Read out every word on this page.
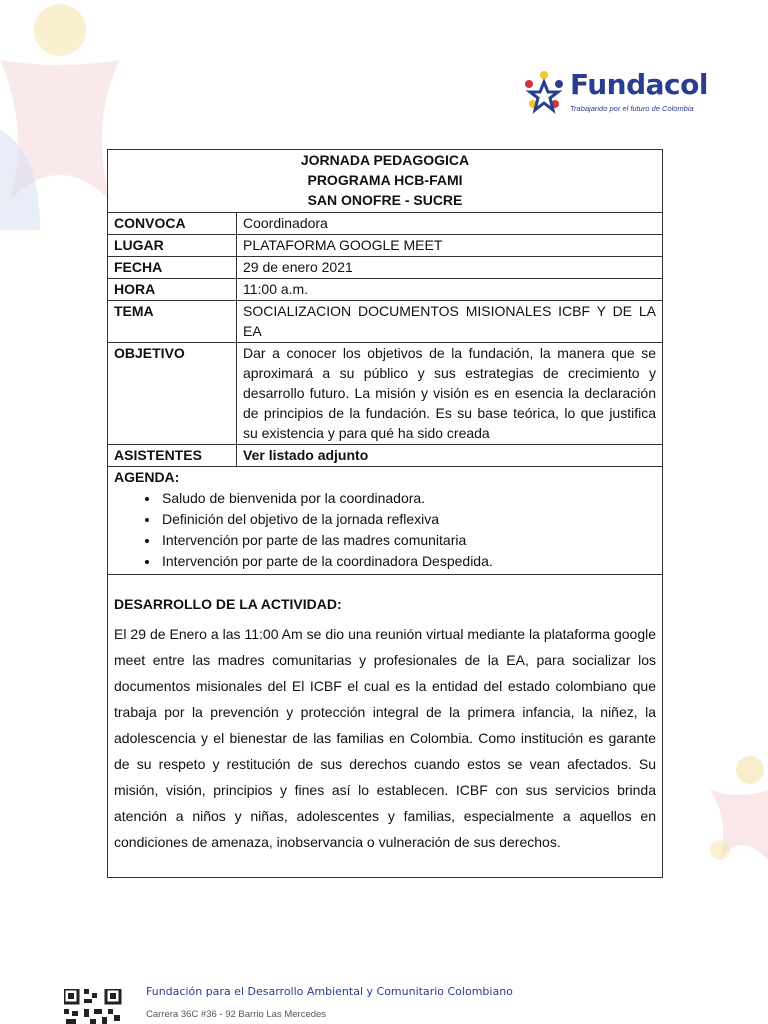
Fundacol
Trabajando por el futuro de Colombia
JORNADA PEDAGOGICA
PROGRAMA HCB-FAMI
SAN ONOFRE - SUCRE
CONVOCA	Coordinadora
LUGAR	PLATAFORMA GOOGLE MEET
FECHA	29 de enero 2021
HORA	11:00 a.m.
TEMA	SOCIALIZACION DOCUMENTOS MISIONALES ICBF Y DE LA EA
OBJETIVO	Dar a conocer los objetivos de la fundación, la manera que se aproximará a su público y sus estrategias de crecimiento y desarrollo futuro. La misión y visión es en esencia la declaración de principios de la fundación. Es su base teórica, lo que justifica su existencia y para qué ha sido creada
ASISTENTES	Ver listado adjunto
AGENDA:
• Saludo de bienvenida por la coordinadora.
• Definición del objetivo de la jornada reflexiva
• Intervención por parte de las madres comunitaria
• Intervención por parte de la coordinadora Despedida.
DESARROLLO DE LA ACTIVIDAD:
El 29 de Enero a las 11:00 Am se dio una reunión virtual mediante la plataforma google meet entre las madres comunitarias y profesionales de la EA, para socializar los documentos misionales del El ICBF el cual es la entidad del estado colombiano que trabaja por la prevención y protección integral de la primera infancia, la niñez, la adolescencia y el bienestar de las familias en Colombia. Como institución es garante de su respeto y restitución de sus derechos cuando estos se vean afectados. Su misión, visión, principios y fines así lo establecen. ICBF con sus servicios brinda atención a niños y niñas, adolescentes y familias, especialmente a aquellos en condiciones de amenaza, inobservancia o vulneración de sus derechos.
Fundación para el Desarrollo Ambiental y Comunitario Colombiano
Carrera 36C #36 - 92 Barrio Las Mercedes
